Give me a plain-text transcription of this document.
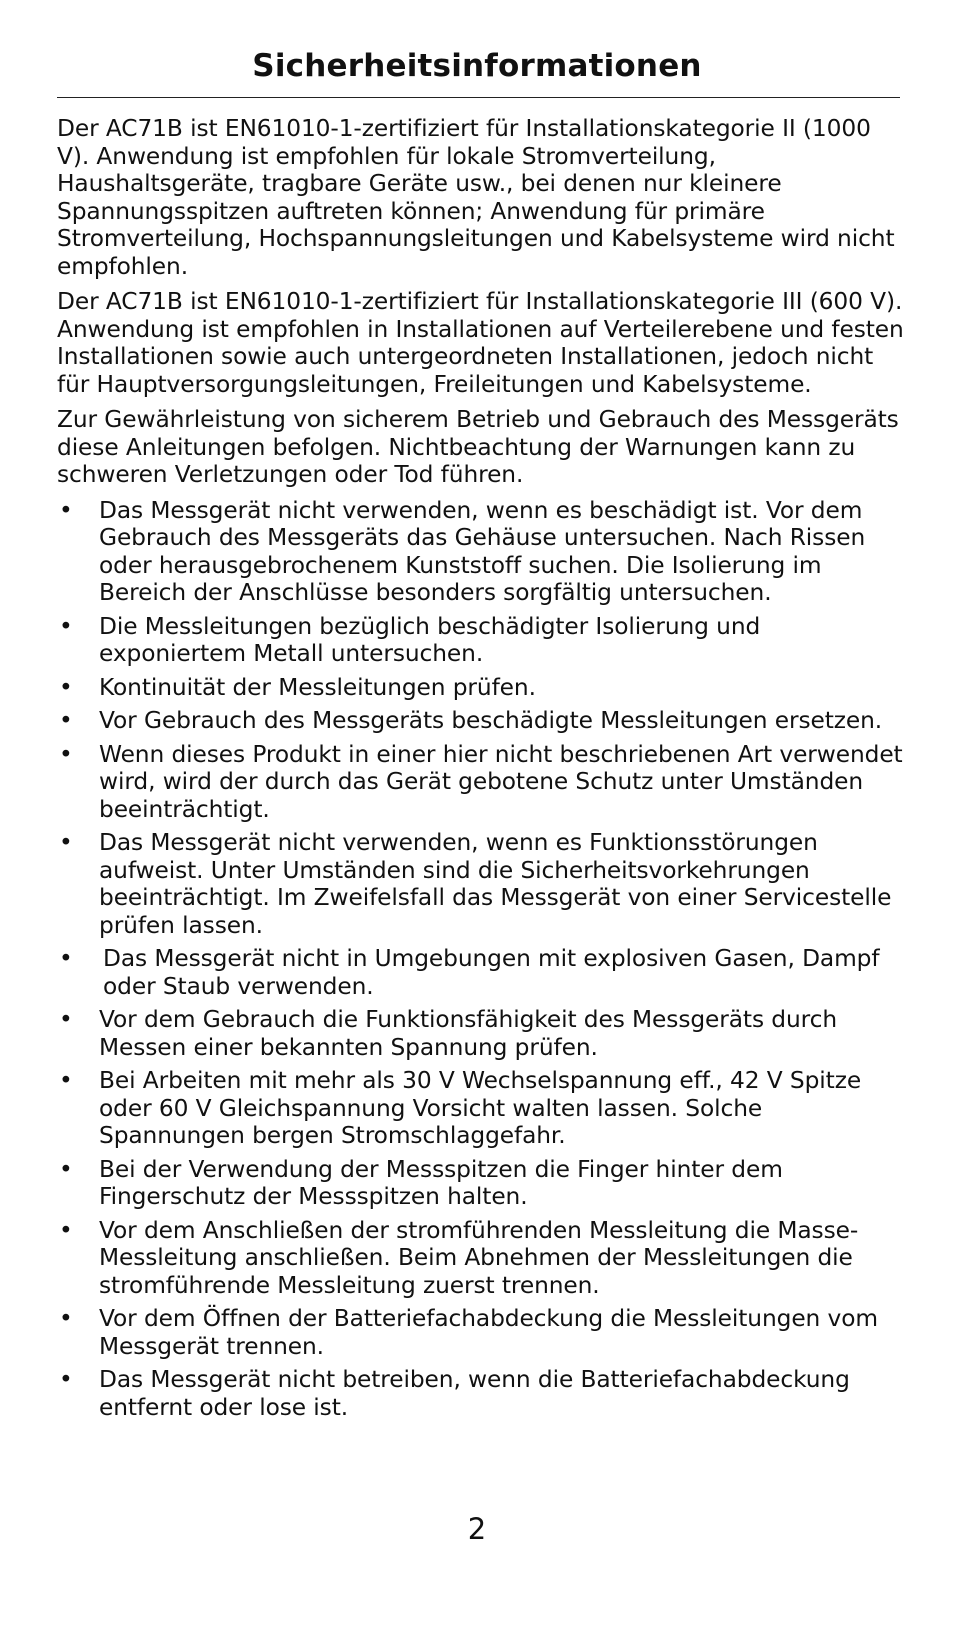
Sicherheitsinformationen

Der AC71B ist EN61010-1-zertifiziert für Installationskategorie II (1000 V). Anwendung ist empfohlen für lokale Stromverteilung, Haushaltsgeräte, tragbare Geräte usw., bei denen nur kleinere Spannungsspitzen auftreten können; Anwendung für primäre Stromverteilung, Hochspannungsleitungen und Kabelsysteme wird nicht empfohlen.

Der AC71B ist EN61010-1-zertifiziert für Installationskategorie III (600 V). Anwendung ist empfohlen in Installationen auf Verteilerebene und festen Installationen sowie auch untergeordneten Installationen, jedoch nicht für Hauptversorgungsleitungen, Freileitungen und Kabelsysteme.

Zur Gewährleistung von sicherem Betrieb und Gebrauch des Messgeräts diese Anleitungen befolgen. Nichtbeachtung der Warnungen kann zu schweren Verletzungen oder Tod führen.

• Das Messgerät nicht verwenden, wenn es beschädigt ist. Vor dem Gebrauch des Messgeräts das Gehäuse untersuchen. Nach Rissen oder herausgebrochenem Kunststoff suchen. Die Isolierung im Bereich der Anschlüsse besonders sorgfältig untersuchen.
• Die Messleitungen bezüglich beschädigter Isolierung und exponiertem Metall untersuchen.
• Kontinuität der Messleitungen prüfen.
• Vor Gebrauch des Messgeräts beschädigte Messleitungen ersetzen.
• Wenn dieses Produkt in einer hier nicht beschriebenen Art verwendet wird, wird der durch das Gerät gebotene Schutz unter Umständen beeinträchtigt.
• Das Messgerät nicht verwenden, wenn es Funktionsstörungen aufweist. Unter Umständen sind die Sicherheitsvorkehrungen beeinträchtigt. Im Zweifelsfall das Messgerät von einer Servicestelle prüfen lassen.
• Das Messgerät nicht in Umgebungen mit explosiven Gasen, Dampf oder Staub verwenden.
• Vor dem Gebrauch die Funktionsfähigkeit des Messgeräts durch Messen einer bekannten Spannung prüfen.
• Bei Arbeiten mit mehr als 30 V Wechselspannung eff., 42 V Spitze oder 60 V Gleichspannung Vorsicht walten lassen. Solche Spannungen bergen Stromschlaggefahr.
• Bei der Verwendung der Messspitzen die Finger hinter dem Fingerschutz der Messspitzen halten.
• Vor dem Anschließen der stromführenden Messleitung die Masse-Messleitung anschließen. Beim Abnehmen der Messleitungen die stromführende Messleitung zuerst trennen.
• Vor dem Öffnen der Batteriefachabdeckung die Messleitungen vom Messgerät trennen.
• Das Messgerät nicht betreiben, wenn die Batteriefachabdeckung entfernt oder lose ist.
2
